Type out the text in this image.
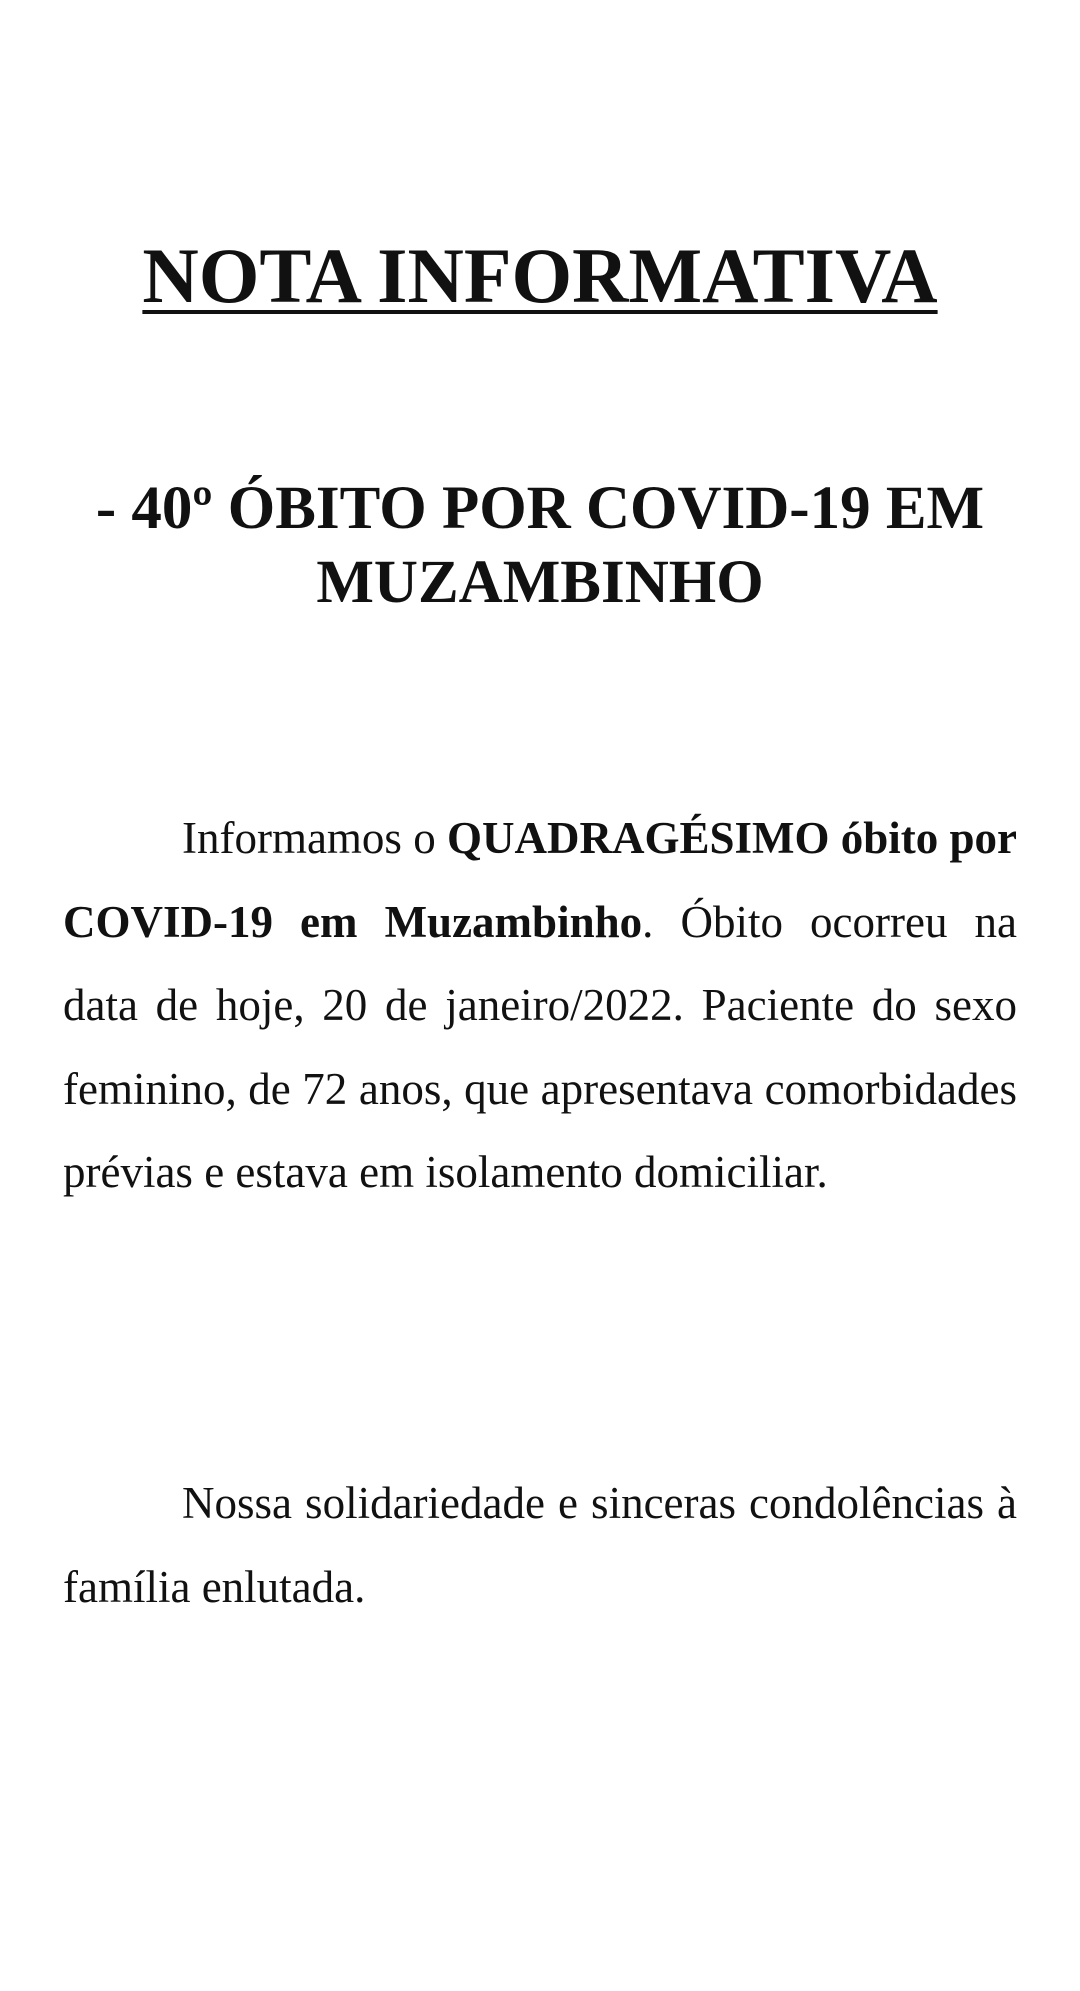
NOTA INFORMATIVA
- 40º ÓBITO POR COVID-19 EM MUZAMBINHO

Informamos o QUADRAGÉSIMO óbito por COVID-19 em Muzambinho. Óbito ocorreu na data de hoje, 20 de janeiro/2022. Paciente do sexo feminino, de 72 anos, que apresentava comorbidades prévias e estava em isolamento domiciliar.

Nossa solidariedade e sinceras condolências à família enlutada.
